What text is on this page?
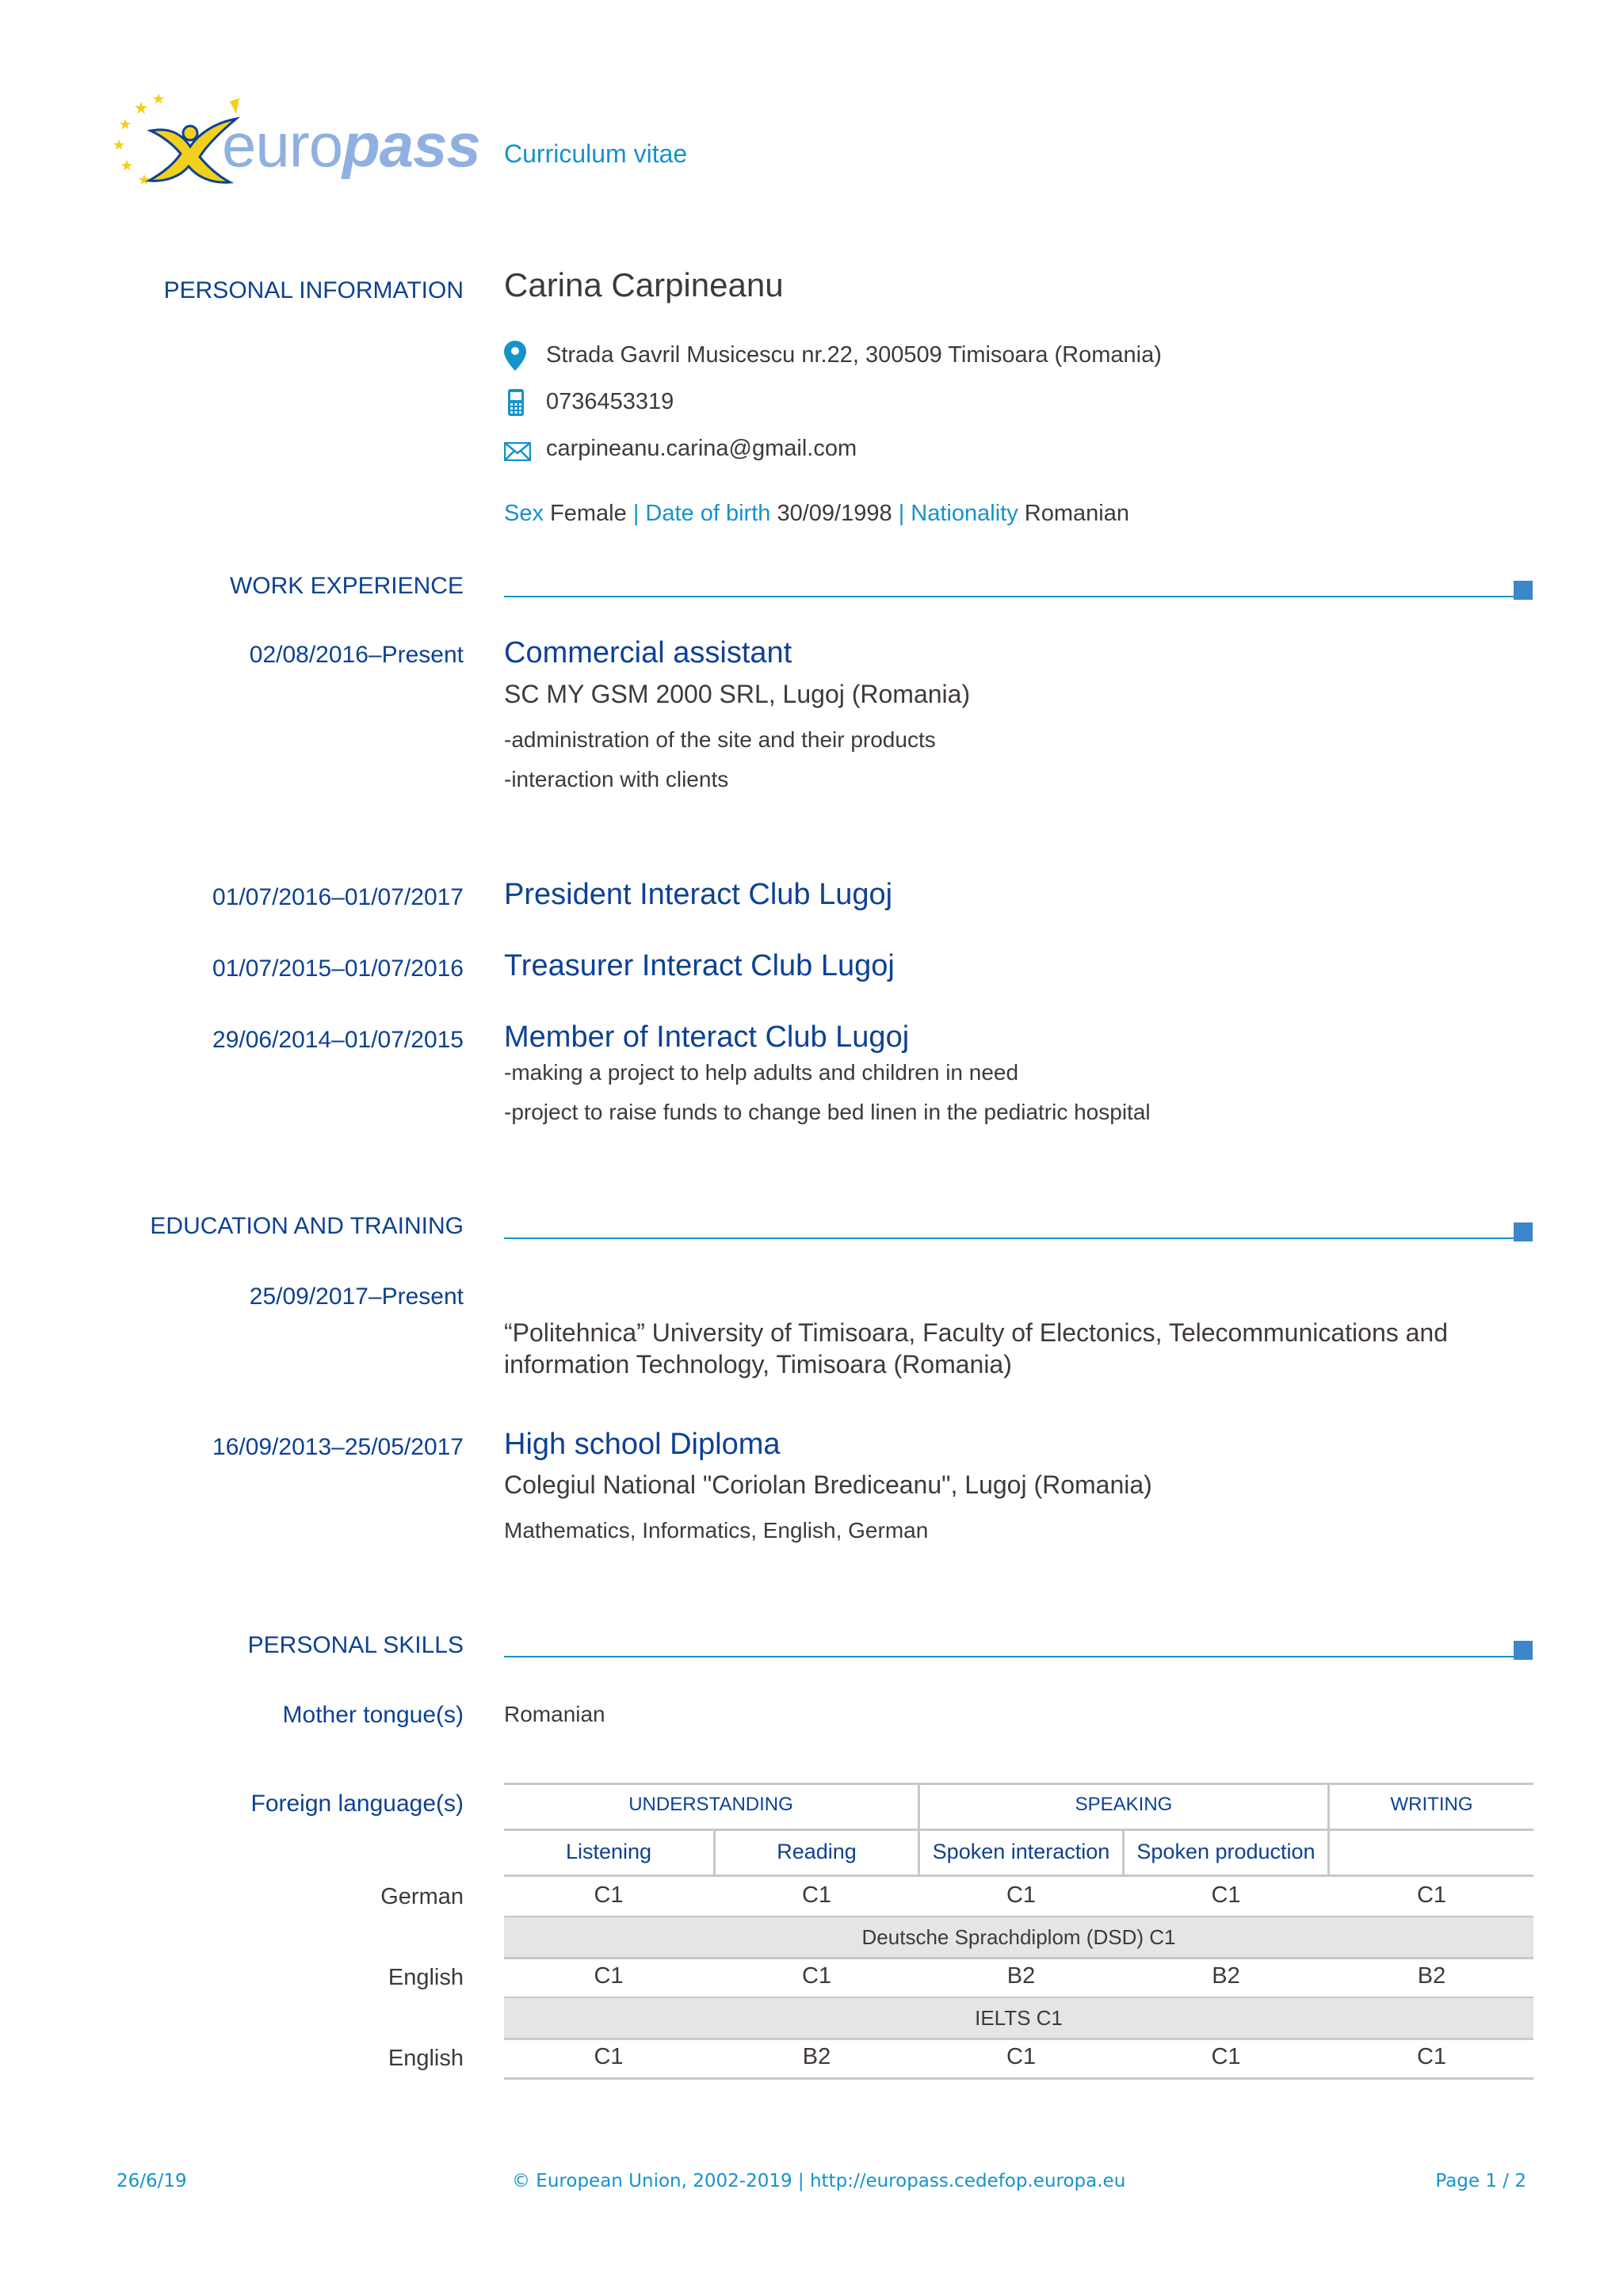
europass Curriculum vitae
PERSONAL INFORMATION Carina Carpineanu
Strada Gavril Musicescu nr.22, 300509 Timisoara (Romania)
0736453319
carpineanu.carina@gmail.com
Sex Female | Date of birth 30/09/1998 | Nationality Romanian
WORK EXPERIENCE
02/08/2016–Present Commercial assistant
SC MY GSM 2000 SRL, Lugoj (Romania)
-administration of the site and their products
-interaction with clients
01/07/2016–01/07/2017 President Interact Club Lugoj
01/07/2015–01/07/2016 Treasurer Interact Club Lugoj
29/06/2014–01/07/2015 Member of Interact Club Lugoj
-making a project to help adults and children in need
-project to raise funds to change bed linen in the pediatric hospital
EDUCATION AND TRAINING
25/09/2017–Present
“Politehnica” University of Timisoara, Faculty of Electonics, Telecommunications and
information Technology, Timisoara (Romania)
16/09/2013–25/05/2017 High school Diploma
Colegiul National "Coriolan Brediceanu", Lugoj (Romania)
Mathematics, Informatics, English, German
PERSONAL SKILLS
Mother tongue(s) Romanian
Foreign language(s)	UNDERSTANDING	SPEAKING	WRITING
Listening	Reading	Spoken interaction	Spoken production
German	C1	C1	C1	C1	C1
Deutsche Sprachdiplom (DSD) C1
English	C1	C1	B2	B2	B2
IELTS C1
English	C1	B2	C1	C1	C1
26/6/19	© European Union, 2002-2019 | http://europass.cedefop.europa.eu	Page 1 / 2
